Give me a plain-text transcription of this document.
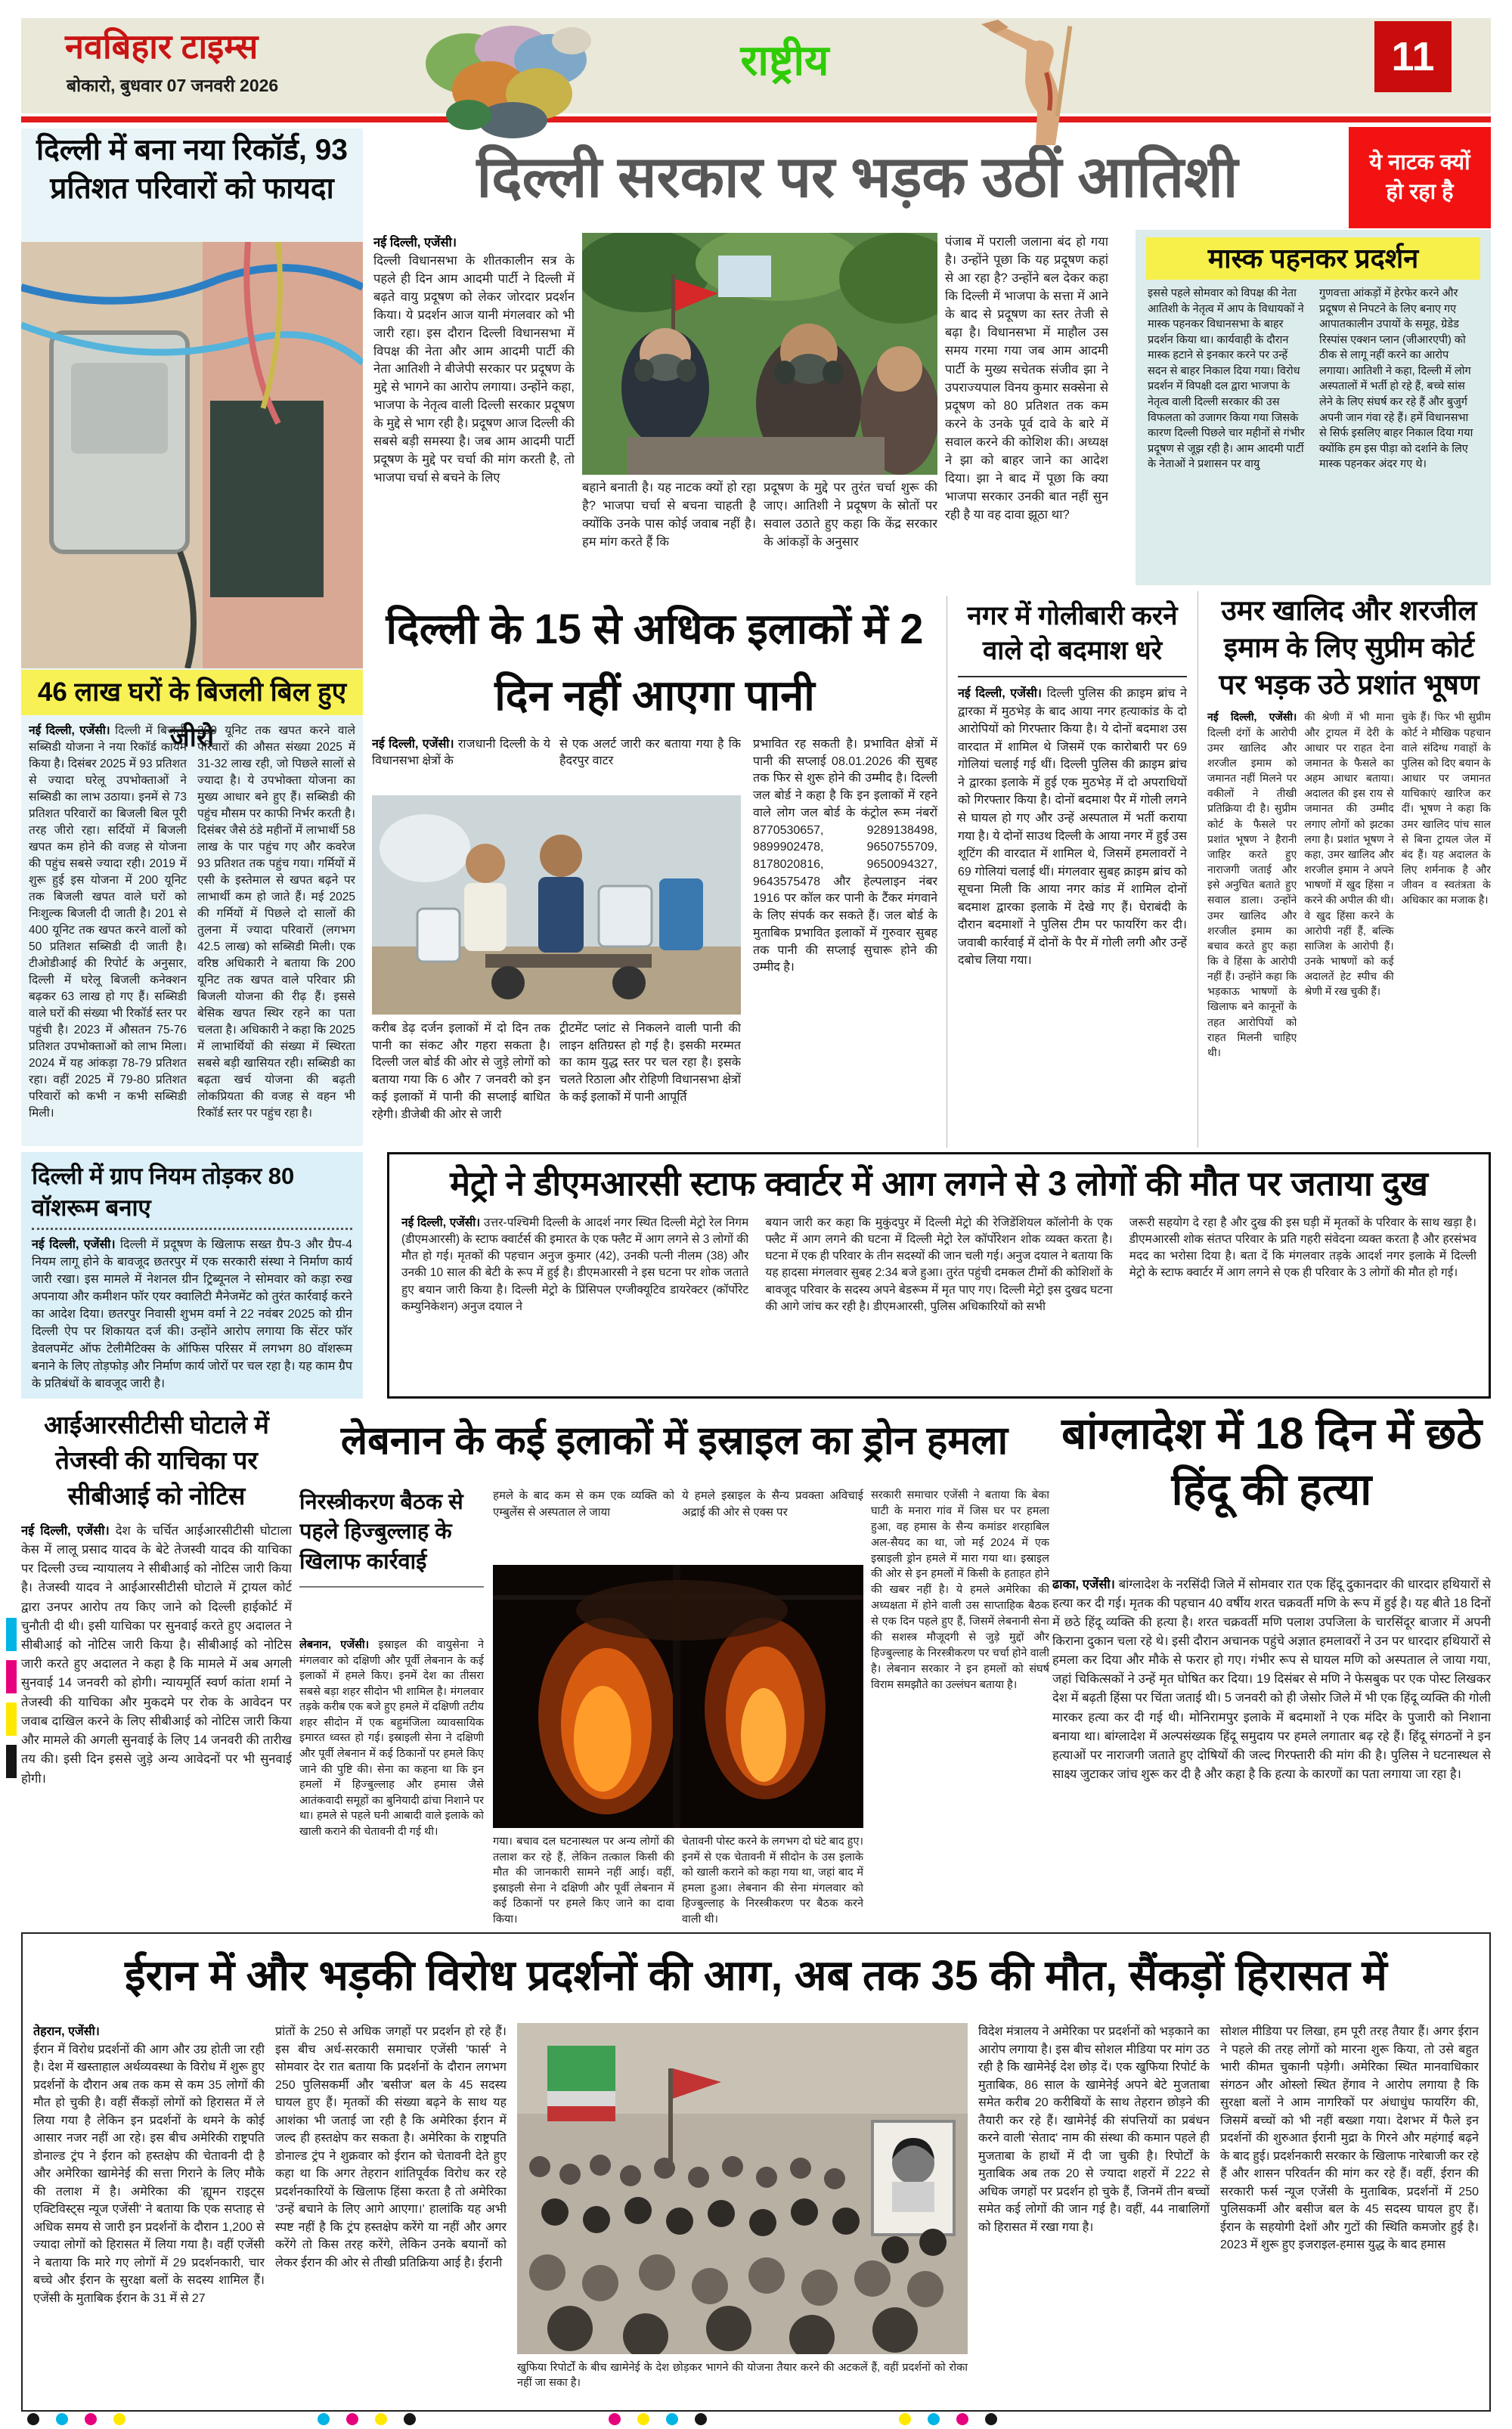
नवबिहार टाइम्स
बोकारो, बुधवार 07 जनवरी 2026
राष्ट्रीय	11
दिल्ली में बना नया रिकॉर्ड, 93 प्रतिशत परिवारों को फायदा
46 लाख घरों के बिजली बिल हुए जीरो
नई दिल्ली, एजेंसी। दिल्ली में बिजली सब्सिडी योजना ने नया रिकॉर्ड कायम किया है। दिसंबर 2025 में 93 प्रतिशत से ज्यादा घरेलू उपभोक्ताओं ने सब्सिडी का लाभ उठाया। इनमें से 73 प्रतिशत परिवारों का बिजली बिल पूरी तरह जीरो रहा। सर्दियों में बिजली खपत कम होने की वजह से योजना की पहुंच सबसे ज्यादा रही। 2019 में शुरू हुई इस योजना में 200 यूनिट तक बिजली खपत वाले घरों को निःशुल्क बिजली दी जाती है। 201 से 400 यूनिट तक खपत करने वालों को 50 प्रतिशत सब्सिडी दी जाती है। टीओडीआई की रिपोर्ट के अनुसार, दिल्ली में घरेलू बिजली कनेक्शन बढ़कर 63 लाख हो गए हैं। सब्सिडी वाले घरों की संख्या भी रिकॉर्ड स्तर पर पहुंची है। 2023 में औसतन 75-76 प्रतिशत उपभोक्ताओं को लाभ मिला। 2024 में यह आंकड़ा 78-79 प्रतिशत रहा। वहीं 2025 में 79-80 प्रतिशत परिवारों को कभी न कभी सब्सिडी मिली।
200 यूनिट तक खपत करने वाले परिवारों की औसत संख्या 2025 में 31-32 लाख रही, जो पिछले सालों से ज्यादा है। ये उपभोक्ता योजना का मुख्य आधार बने हुए हैं। सब्सिडी की पहुंच मौसम पर काफी निर्भर करती है। दिसंबर जैसे ठंडे महीनों में लाभार्थी 58 लाख के पार पहुंच गए और कवरेज 93 प्रतिशत तक पहुंच गया। गर्मियों में एसी के इस्तेमाल से खपत बढ़ने पर लाभार्थी कम हो जाते हैं। मई 2025 की गर्मियों में पिछले दो सालों की तुलना में ज्यादा परिवारों (लगभग 42.5 लाख) को सब्सिडी मिली। एक वरिष्ठ अधिकारी ने बताया कि 200 यूनिट तक खपत वाले परिवार फ्री बिजली योजना की रीढ़ हैं। इससे बेसिक खपत स्थिर रहने का पता चलता है। अधिकारी ने कहा कि 2025 में लाभार्थियों की संख्या में स्थिरता सबसे बड़ी खासियत रही। सब्सिडी का बढ़ता खर्च योजना की बढ़ती लोकप्रियता की वजह से वहन भी रिकॉर्ड स्तर पर पहुंच रहा है।
दिल्ली सरकार पर भड़क उठीं आतिशी	ये नाटक क्यों
हो रहा है
नई दिल्ली, एजेंसी।
दिल्ली विधानसभा के शीतकालीन सत्र के पहले ही दिन आम आदमी पार्टी ने दिल्ली में बढ़ते वायु प्रदूषण को लेकर जोरदार प्रदर्शन किया। ये प्रदर्शन आज यानी मंगलवार को भी जारी रहा। इस दौरान दिल्ली विधानसभा में विपक्ष की नेता और आम आदमी पार्टी की नेता आतिशी ने बीजेपी सरकार पर प्रदूषण के मुद्दे से भागने का आरोप लगाया। उन्होंने कहा, भाजपा के नेतृत्व वाली दिल्ली सरकार प्रदूषण के मुद्दे से भाग रही है। प्रदूषण आज दिल्ली की सबसे बड़ी समस्या है। जब आम आदमी पार्टी प्रदूषण के मुद्दे पर चर्चा की मांग करती है, तो भाजपा चर्चा से बचने के लिए
बहाने बनाती है। यह नाटक क्यों हो रहा है? भाजपा चर्चा से बचना चाहती है क्योंकि उनके पास कोई जवाब नहीं है। हम मांग करते हैं कि
प्रदूषण के मुद्दे पर तुरंत चर्चा शुरू की जाए। आतिशी ने प्रदूषण के स्रोतों पर सवाल उठाते हुए कहा कि केंद्र सरकार के आंकड़ों के अनुसार
पंजाब में पराली जलाना बंद हो गया है। उन्होंने पूछा कि यह प्रदूषण कहां से आ रहा है? उन्होंने बल देकर कहा कि दिल्ली में भाजपा के सत्ता में आने के बाद से प्रदूषण का स्तर तेजी से बढ़ा है। विधानसभा में माहौल उस समय गरमा गया जब आम आदमी पार्टी के मुख्य सचेतक संजीव झा ने उपराज्यपाल विनय कुमार सक्सेना से प्रदूषण को 80 प्रतिशत तक कम करने के उनके पूर्व दावे के बारे में सवाल करने की कोशिश की। अध्यक्ष ने झा को बाहर जाने का आदेश दिया। झा ने बाद में पूछा कि क्या भाजपा सरकार उनकी बात नहीं सुन रही है या वह दावा झूठा था?
मास्क पहनकर प्रदर्शन
इससे पहले सोमवार को विपक्ष की नेता आतिशी के नेतृत्व में आप के विधायकों ने मास्क पहनकर विधानसभा के बाहर प्रदर्शन किया था। कार्यवाही के दौरान मास्क हटाने से इनकार करने पर उन्हें सदन से बाहर निकाल दिया गया। विरोध प्रदर्शन में विपक्षी दल द्वारा भाजपा के नेतृत्व वाली दिल्ली सरकार की उस विफलता को उजागर किया गया जिसके कारण दिल्ली पिछले चार महीनों से गंभीर प्रदूषण से जूझ रही है। आम आदमी पार्टी के नेताओं ने प्रशासन पर वायु
गुणवत्ता आंकड़ों में हेरफेर करने और प्रदूषण से निपटने के लिए बनाए गए आपातकालीन उपायों के समूह, ग्रेडेड रिस्पांस एक्शन प्लान (जीआरएपी) को ठीक से लागू नहीं करने का आरोप लगाया। आतिशी ने कहा, दिल्ली में लोग अस्पतालों में भर्ती हो रहे हैं, बच्चे सांस लेने के लिए संघर्ष कर रहे हैं और बुजुर्ग अपनी जान गंवा रहे हैं। हमें विधानसभा से सिर्फ इसलिए बाहर निकाल दिया गया क्योंकि हम इस पीड़ा को दर्शाने के लिए मास्क पहनकर अंदर गए थे।
दिल्ली के 15 से अधिक इलाकों में 2 दिन नहीं आएगा पानी
नई दिल्ली, एजेंसी। राजधानी दिल्ली के ये विधानसभा क्षेत्रों के
से एक अलर्ट जारी कर बताया गया है कि हैदरपुर वाटर
प्रभावित रह सकती है। प्रभावित क्षेत्रों में पानी की सप्लाई 08.01.2026 की सुबह तक फिर से शुरू होने की उम्मीद है। दिल्ली जल बोर्ड ने कहा है कि इन इलाकों में रहने वाले लोग जल बोर्ड के कंट्रोल रूम नंबरों 8770530657, 9289138498, 9899902478, 9650755709, 8178020816, 9650094327, 9643575478 और हेल्पलाइन नंबर 1916 पर कॉल कर पानी के टैंकर मंगवाने के लिए संपर्क कर सकते हैं। जल बोर्ड के मुताबिक प्रभावित इलाकों में गुरुवार सुबह तक पानी की सप्लाई सुचारू होने की उम्मीद है।
करीब डेढ़ दर्जन इलाकों में दो दिन तक पानी का संकट और गहरा सकता है। दिल्ली जल बोर्ड की ओर से जुड़े लोगों को बताया गया कि 6 और 7 जनवरी को इन कई इलाकों में पानी की सप्लाई बाधित रहेगी। डीजेबी की ओर से जारी
ट्रीटमेंट प्लांट से निकलने वाली पानी की लाइन क्षतिग्रस्त हो गई है। इसकी मरम्मत का काम युद्ध स्तर पर चल रहा है। इसके चलते रिठाला और रोहिणी विधानसभा क्षेत्रों के कई इलाकों में पानी आपूर्ति
नगर में गोलीबारी करने वाले दो बदमाश धरे

नई दिल्ली, एजेंसी। दिल्ली पुलिस की क्राइम ब्रांच ने द्वारका में मुठभेड़ के बाद आया नगर हत्याकांड के दो आरोपियों को गिरफ्तार किया है। ये दोनों बदमाश उस वारदात में शामिल थे जिसमें एक कारोबारी पर 69 गोलियां चलाई गई थीं। दिल्ली पुलिस की क्राइम ब्रांच ने द्वारका इलाके में हुई एक मुठभेड़ में दो अपराधियों को गिरफ्तार किया है। दोनों बदमाश पैर में गोली लगने से घायल हो गए और उन्हें अस्पताल में भर्ती कराया गया है। ये दोनों साउथ दिल्ली के आया नगर में हुई उस शूटिंग की वारदात में शामिल थे, जिसमें हमलावरों ने 69 गोलियां चलाई थीं। मंगलवार सुबह क्राइम ब्रांच को सूचना मिली कि आया नगर कांड में शामिल दोनों बदमाश द्वारका इलाके में देखे गए हैं। घेराबंदी के दौरान बदमाशों ने पुलिस टीम पर फायरिंग कर दी। जवाबी कार्रवाई में दोनों के पैर में गोली लगी और उन्हें दबोच लिया गया।

उमर खालिद और शरजील इमाम के लिए सुप्रीम कोर्ट पर भड़क उठे प्रशांत भूषण
नई दिल्ली, एजेंसी। दिल्ली दंगों के आरोपी उमर खालिद और शरजील इमाम को जमानत नहीं मिलने पर वकीलों ने तीखी प्रतिक्रिया दी है। सुप्रीम कोर्ट के फैसले पर प्रशांत भूषण ने हैरानी जाहिर करते हुए नाराजगी जताई और इसे अनुचित बताते हुए सवाल डाला। उन्होंने उमर खालिद और शरजील इमाम का बचाव करते हुए कहा कि वे हिंसा के आरोपी नहीं हैं। उन्होंने कहा कि भड़काऊ भाषणों के खिलाफ बने कानूनों के तहत आरोपियों को राहत मिलनी चाहिए थी।
की श्रेणी में भी माना और ट्रायल में देरी के आधार पर राहत देना जमानत के फैसले का अहम आधार बताया। अदालत की इस राय से जमानत की उम्मीद लगाए लोगों को झटका लगा है। प्रशांत भूषण ने कहा, उमर खालिद और शरजील इमाम ने अपने भाषणों में खुद हिंसा न करने की अपील की थी। वे खुद हिंसा करने के आरोपी नहीं हैं, बल्कि साजिश के आरोपी हैं। उनके भाषणों को कई अदालतें हेट स्पीच की श्रेणी में रख चुकी हैं।
चुके हैं। फिर भी सुप्रीम कोर्ट ने मौखिक पहचान वाले संदिग्ध गवाहों के पुलिस को दिए बयान के आधार पर जमानत याचिकाएं खारिज कर दीं। भूषण ने कहा कि उमर खालिद पांच साल से बिना ट्रायल जेल में बंद हैं। यह अदालत के लिए शर्मनाक है और जीवन व स्वतंत्रता के अधिकार का मजाक है।
मेट्रो ने डीएमआरसी स्टाफ क्वार्टर में आग लगने से 3 लोगों की मौत पर जताया दुख
नई दिल्ली, एजेंसी। उत्तर-पश्चिमी दिल्ली के आदर्श नगर स्थित दिल्ली मेट्रो रेल निगम (डीएमआरसी) के स्टाफ क्वार्टर्स की इमारत के एक फ्लैट में आग लगने से 3 लोगों की मौत हो गई। मृतकों की पहचान अनुज कुमार (42), उनकी पत्नी नीलम (38) और उनकी 10 साल की बेटी के रूप में हुई है। डीएमआरसी ने इस घटना पर शोक जताते हुए बयान जारी किया है। दिल्ली मेट्रो के प्रिंसिपल एग्जीक्यूटिव डायरेक्टर (कॉर्पोरेट कम्युनिकेशन) अनुज दयाल ने
बयान जारी कर कहा कि मुकुंदपुर में दिल्ली मेट्रो की रेजिडेंशियल कॉलोनी के एक फ्लैट में आग लगने की घटना में दिल्ली मेट्रो रेल कॉर्पोरेशन शोक व्यक्त करता है। घटना में एक ही परिवार के तीन सदस्यों की जान चली गई। अनुज दयाल ने बताया कि यह हादसा मंगलवार सुबह 2:34 बजे हुआ। तुरंत पहुंची दमकल टीमों की कोशिशों के बावजूद परिवार के सदस्य अपने बेडरूम में मृत पाए गए। दिल्ली मेट्रो इस दुखद घटना की आगे जांच कर रही है। डीएमआरसी, पुलिस अधिकारियों को सभी
जरूरी सहयोग दे रहा है और दुख की इस घड़ी में मृतकों के परिवार के साथ खड़ा है। डीएमआरसी शोक संतप्त परिवार के प्रति गहरी संवेदना व्यक्त करता है और हरसंभव मदद का भरोसा दिया है। बता दें कि मंगलवार तड़के आदर्श नगर इलाके में दिल्ली मेट्रो के स्टाफ क्वार्टर में आग लगने से एक ही परिवार के 3 लोगों की मौत हो गई।
दिल्ली में ग्राप नियम तोड़कर 80 वॉशरूम बनाए

नई दिल्ली, एजेंसी। दिल्ली में प्रदूषण के खिलाफ सख्त ग्रैप-3 और ग्रैप-4 नियम लागू होने के बावजूद छतरपुर में एक सरकारी संस्था ने निर्माण कार्य जारी रखा। इस मामले में नेशनल ग्रीन ट्रिब्यूनल ने सोमवार को कड़ा रुख अपनाया और कमीशन फॉर एयर क्वालिटी मैनेजमेंट को तुरंत कार्रवाई करने का आदेश दिया। छतरपुर निवासी शुभम वर्मा ने 22 नवंबर 2025 को ग्रीन दिल्ली ऐप पर शिकायत दर्ज की। उन्होंने आरोप लगाया कि सेंटर फॉर डेवलपमेंट ऑफ टेलीमैटिक्स के ऑफिस परिसर में लगभग 80 वॉशरूम बनाने के लिए तोड़फोड़ और निर्माण कार्य जोरों पर चल रहा है। यह काम ग्रैप के प्रतिबंधों के बावजूद जारी है।

आईआरसीटीसी घोटाले में तेजस्वी की याचिका पर सीबीआई को नोटिस

नई दिल्ली, एजेंसी। देश के चर्चित आईआरसीटीसी घोटाला केस में लालू प्रसाद यादव के बेटे तेजस्वी यादव की याचिका पर दिल्ली उच्च न्यायालय ने सीबीआई को नोटिस जारी किया है। तेजस्वी यादव ने आईआरसीटीसी घोटाले में ट्रायल कोर्ट द्वारा उनपर आरोप तय किए जाने को दिल्ली हाईकोर्ट में चुनौती दी थी। इसी याचिका पर सुनवाई करते हुए अदालत ने सीबीआई को नोटिस जारी किया है। सीबीआई को नोटिस जारी करते हुए अदालत ने कहा है कि मामले में अब अगली सुनवाई 14 जनवरी को होगी। न्यायमूर्ति स्वर्ण कांता शर्मा ने तेजस्वी की याचिका और मुकदमे पर रोक के आवेदन पर जवाब दाखिल करने के लिए सीबीआई को नोटिस जारी किया और मामले की अगली सुनवाई के लिए 14 जनवरी की तारीख तय की। इसी दिन इससे जुड़े अन्य आवेदनों पर भी सुनवाई होगी।

लेबनान के कई इलाकों में इस्राइल का ड्रोन हमला
निरस्त्रीकरण बैठक से पहले हिज्बुल्लाह के खिलाफ कार्रवाई
लेबनान, एजेंसी। इस्राइल की वायुसेना ने मंगलवार को दक्षिणी और पूर्वी लेबनान के कई इलाकों में हमले किए। इनमें देश का तीसरा सबसे बड़ा शहर सीदोन भी शामिल है। मंगलवार तड़के करीब एक बजे हुए हमले में दक्षिणी तटीय शहर सीदोन में एक बहुमंजिला व्यावसायिक इमारत ध्वस्त हो गई। इस्राइली सेना ने दक्षिणी और पूर्वी लेबनान में कई ठिकानों पर हमले किए जाने की पुष्टि की। सेना का कहना था कि इन हमलों में हिज्बुल्लाह और हमास जैसे आतंकवादी समूहों का बुनियादी ढांचा निशाने पर था। हमले से पहले घनी आबादी वाले इलाके को खाली कराने की चेतावनी दी गई थी।
हमले के बाद कम से कम एक व्यक्ति को एम्बुलेंस से अस्पताल ले जाया
ये हमले इस्राइल के सैन्य प्रवक्ता अविचाई अद्राई की ओर से एक्स पर
गया। बचाव दल घटनास्थल पर अन्य लोगों की तलाश कर रहे हैं, लेकिन तत्काल किसी की मौत की जानकारी सामने नहीं आई। वहीं, इस्राइली सेना ने दक्षिणी और पूर्वी लेबनान में कई ठिकानों पर हमले किए जाने का दावा किया।
चेतावनी पोस्ट करने के लगभग दो घंटे बाद हुए। इनमें से एक चेतावनी में सीदोन के उस इलाके को खाली कराने को कहा गया था, जहां बाद में हमला हुआ। लेबनान की सेना मंगलवार को हिज्बुल्लाह के निरस्त्रीकरण पर बैठक करने वाली थी।
सरकारी समाचार एजेंसी ने बताया कि बेका घाटी के मनारा गांव में जिस घर पर हमला हुआ, वह हमास के सैन्य कमांडर शरहाबिल अल-सैयद का था, जो मई 2024 में एक इस्राइली ड्रोन हमले में मारा गया था। इस्राइल की ओर से इन हमलों में किसी के हताहत होने की खबर नहीं है। ये हमले अमेरिका की अध्यक्षता में होने वाली उस साप्ताहिक बैठक से एक दिन पहले हुए हैं, जिसमें लेबनानी सेना की सशस्त्र मौजूदगी से जुड़े मुद्दों और हिज्बुल्लाह के निरस्त्रीकरण पर चर्चा होने वाली है। लेबनान सरकार ने इन हमलों को संघर्ष विराम समझौते का उल्लंघन बताया है।
बांग्लादेश में 18 दिन में छठे हिंदू की हत्या

ढाका, एजेंसी। बांग्लादेश के नरसिंदी जिले में सोमवार रात एक हिंदू दुकानदार की धारदार हथियारों से हत्या कर दी गई। मृतक की पहचान 40 वर्षीय शरत चक्रवर्ती मणि के रूप में हुई है। यह बीते 18 दिनों में छठे हिंदू व्यक्ति की हत्या है। शरत चक्रवर्ती मणि पलाश उपजिला के चारसिंदूर बाजार में अपनी किराना दुकान चला रहे थे। इसी दौरान अचानक पहुंचे अज्ञात हमलावरों ने उन पर धारदार हथियारों से हमला कर दिया और मौके से फरार हो गए। गंभीर रूप से घायल मणि को अस्पताल ले जाया गया, जहां चिकित्सकों ने उन्हें मृत घोषित कर दिया। 19 दिसंबर से मणि ने फेसबुक पर एक पोस्ट लिखकर देश में बढ़ती हिंसा पर चिंता जताई थी। 5 जनवरी को ही जेसोर जिले में भी एक हिंदू व्यक्ति की गोली मारकर हत्या कर दी गई थी। मोनिरामपुर इलाके में बदमाशों ने एक मंदिर के पुजारी को निशाना बनाया था। बांग्लादेश में अल्पसंख्यक हिंदू समुदाय पर हमले लगातार बढ़ रहे हैं। हिंदू संगठनों ने इन हत्याओं पर नाराजगी जताते हुए दोषियों की जल्द गिरफ्तारी की मांग की है। पुलिस ने घटनास्थल से साक्ष्य जुटाकर जांच शुरू कर दी है और कहा है कि हत्या के कारणों का पता लगाया जा रहा है।

ईरान में और भड़की विरोध प्रदर्शनों की आग, अब तक 35 की मौत, सैंकड़ों हिरासत में
तेहरान, एजेंसी।
ईरान में विरोध प्रदर्शनों की आग और उग्र होती जा रही है। देश में खस्ताहाल अर्थव्यवस्था के विरोध में शुरू हुए प्रदर्शनों के दौरान अब तक कम से कम 35 लोगों की मौत हो चुकी है। वहीं सैंकड़ों लोगों को हिरासत में ले लिया गया है लेकिन इन प्रदर्शनों के थमने के कोई आसार नजर नहीं आ रहे। इस बीच अमेरिकी राष्ट्रपति डोनाल्ड ट्रंप ने ईरान को हस्तक्षेप की चेतावनी दी है और अमेरिका खामेनेई की सत्ता गिराने के लिए मौके की तलाश में है। अमेरिका की 'ह्यूमन राइट्स एक्टिविस्ट्स न्यूज एजेंसी' ने बताया कि एक सप्ताह से अधिक समय से जारी इन प्रदर्शनों के दौरान 1,200 से ज्यादा लोगों को हिरासत में लिया गया है। वहीं एजेंसी ने बताया कि मारे गए लोगों में 29 प्रदर्शनकारी, चार बच्चे और ईरान के सुरक्षा बलों के सदस्य शामिल हैं। एजेंसी के मुताबिक ईरान के 31 में से 27
प्रांतों के 250 से अधिक जगहों पर प्रदर्शन हो रहे हैं। इस बीच अर्ध-सरकारी समाचार एजेंसी 'फार्स' ने सोमवार देर रात बताया कि प्रदर्शनों के दौरान लगभग 250 पुलिसकर्मी और 'बसीज' बल के 45 सदस्य घायल हुए हैं। मृतकों की संख्या बढ़ने के साथ यह आशंका भी जताई जा रही है कि अमेरिका ईरान में जल्द ही हस्तक्षेप कर सकता है। अमेरिका के राष्ट्रपति डोनाल्ड ट्रंप ने शुक्रवार को ईरान को चेतावनी देते हुए कहा था कि अगर तेहरान शांतिपूर्वक विरोध कर रहे प्रदर्शनकारियों के खिलाफ हिंसा करता है तो अमेरिका 'उन्हें बचाने के लिए आगे आएगा।' हालांकि यह अभी स्पष्ट नहीं है कि ट्रंप हस्तक्षेप करेंगे या नहीं और अगर करेंगे तो किस तरह करेंगे, लेकिन उनके बयानों को लेकर ईरान की ओर से तीखी प्रतिक्रिया आई है। ईरानी
खुफिया रिपोर्टों के बीच खामेनेई के देश छोड़कर भागने की योजना तैयार करने की अटकलें हैं, वहीं प्रदर्शनों को रोका नहीं जा सका है।
विदेश मंत्रालय ने अमेरिका पर प्रदर्शनों को भड़काने का आरोप लगाया है। इस बीच सोशल मीडिया पर मांग उठ रही है कि खामेनेई देश छोड़ दें। एक खुफिया रिपोर्ट के मुताबिक, 86 साल के खामेनेई अपने बेटे मुजताबा समेत करीब 20 करीबियों के साथ तेहरान छोड़ने की तैयारी कर रहे हैं। खामेनेई की संपत्तियों का प्रबंधन करने वाली 'सेताद' नाम की संस्था की कमान पहले ही मुजताबा के हाथों में दी जा चुकी है। रिपोर्टों के मुताबिक अब तक 20 से ज्यादा शहरों में 222 से अधिक जगहों पर प्रदर्शन हो चुके हैं, जिनमें तीन बच्चों समेत कई लोगों की जान गई है। वहीं, 44 नाबालिगों को हिरासत में रखा गया है।
सोशल मीडिया पर लिखा, हम पूरी तरह तैयार हैं। अगर ईरान ने पहले की तरह लोगों को मारना शुरू किया, तो उसे बहुत भारी कीमत चुकानी पड़ेगी। अमेरिका स्थित मानवाधिकार संगठन और ओस्लो स्थित हेंगाव ने आरोप लगाया है कि सुरक्षा बलों ने आम नागरिकों पर अंधाधुंध फायरिंग की, जिसमें बच्चों को भी नहीं बख्शा गया। देशभर में फैले इन प्रदर्शनों की शुरुआत ईरानी मुद्रा के गिरने और महंगाई बढ़ने के बाद हुई। प्रदर्शनकारी सरकार के खिलाफ नारेबाजी कर रहे हैं और शासन परिवर्तन की मांग कर रहे हैं। वहीं, ईरान की सरकारी फर्स न्यूज एजेंसी के मुताबिक, प्रदर्शनों में 250 पुलिसकर्मी और बसीज बल के 45 सदस्य घायल हुए हैं। ईरान के सहयोगी देशों और गुटों की स्थिति कमजोर हुई है। 2023 में शुरू हुए इजराइल-हमास युद्ध के बाद हमास
